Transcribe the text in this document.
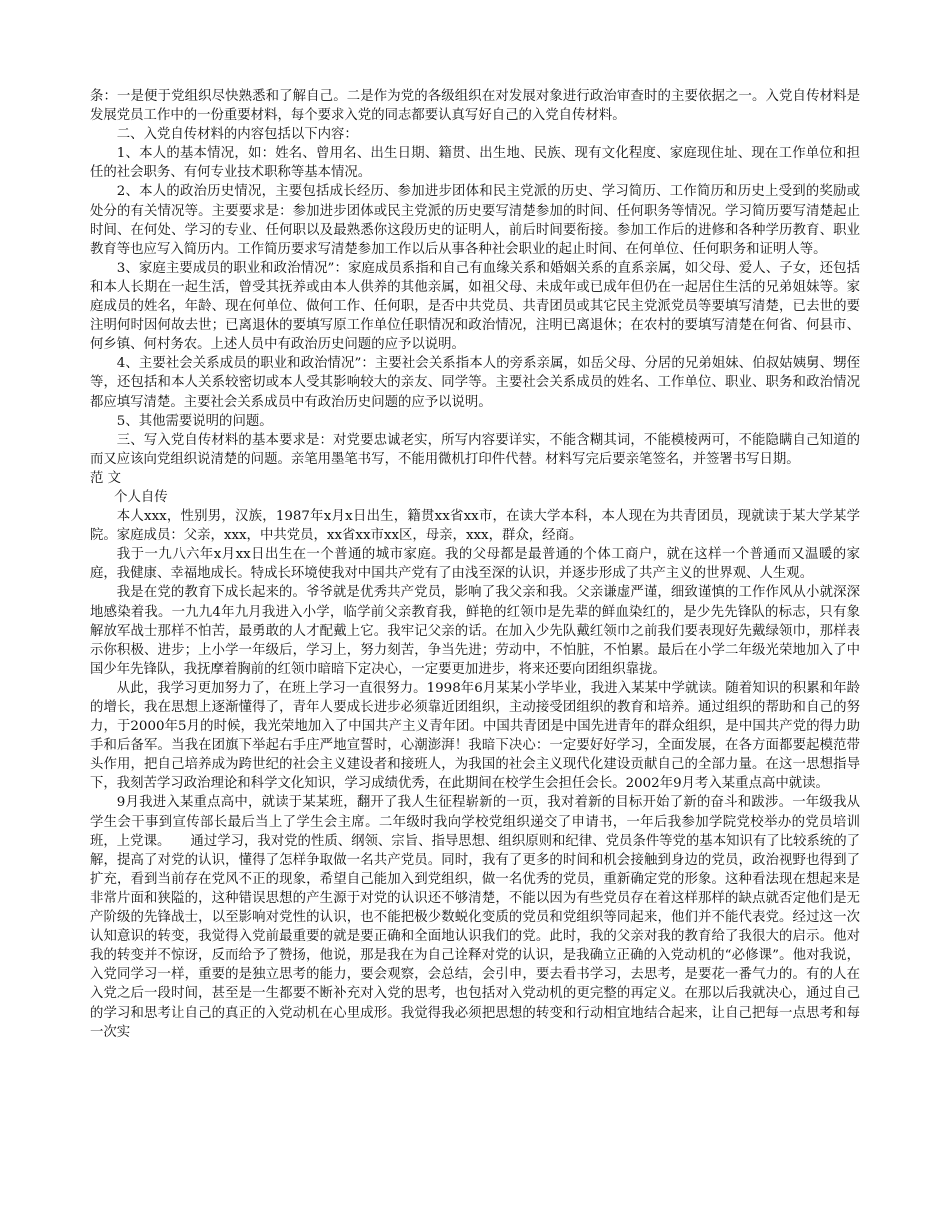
条：一是便于党组织尽快熟悉和了解自己。二是作为党的各级组织在对发展对象进行政治审查时的主要依据之一。入党自传材料是发展党员工作中的一份重要材料，每个要求入党的同志都要认真写好自己的入党自传材料。

二、入党自传材料的内容包括以下内容：

1、本人的基本情况，如：姓名、曾用名、出生日期、籍贯、出生地、民族、现有文化程度、家庭现住址、现在工作单位和担任的社会职务、有何专业技术职称等基本情况。

2、本人的政治历史情况，主要包括成长经历、参加进步团体和民主党派的历史、学习简历、工作简历和历史上受到的奖励或处分的有关情况等。主要要求是：参加进步团体或民主党派的历史要写清楚参加的时间、任何职务等情况。学习简历要写清楚起止时间、在何处、学习的专业、任何职以及最熟悉你这段历史的证明人，前后时间要衔接。参加工作后的进修和各种学历教育、职业教育等也应写入简历内。工作简历要求写清楚参加工作以后从事各种社会职业的起止时间、在何单位、任何职务和证明人等。

3、家庭主要成员的职业和政治情况”：家庭成员系指和自己有血缘关系和婚姻关系的直系亲属，如父母、爱人、子女，还包括和本人长期在一起生活，曾受其抚养或由本人供养的其他亲属，如祖父母、未成年或已成年但仍在一起居住生活的兄弟姐妹等。家庭成员的姓名，年龄、现在何单位、做何工作、任何职，是否中共党员、共青团员或其它民主党派党员等要填写清楚，已去世的要注明何时因何故去世；已离退休的要填写原工作单位任职情况和政治情况，注明已离退休；在农村的要填写清楚在何省、何县市、何乡镇、何村务农。上述人员中有政治历史问题的应予以说明。

4、主要社会关系成员的职业和政治情况”：主要社会关系指本人的旁系亲属，如岳父母、分居的兄弟姐妹、伯叔姑姨舅、甥侄等，还包括和本人关系较密切或本人受其影响较大的亲友、同学等。主要社会关系成员的姓名、工作单位、职业、职务和政治情况都应填写清楚。主要社会关系成员中有政治历史问题的应予以说明。

5、其他需要说明的问题。

三、写入党自传材料的基本要求是：对党要忠诚老实，所写内容要详实，不能含糊其词，不能模棱两可，不能隐瞒自己知道的而又应该向党组织说清楚的问题。亲笔用墨笔书写，不能用微机打印件代替。材料写完后要亲笔签名，并签署书写日期。

范 文

个人自传

本人xxx，性别男，汉族，1987年x月x日出生，籍贯xx省xx市，在读大学本科，本人现在为共青团员，现就读于某大学某学院。家庭成员：父亲，xxx，中共党员，xx省xx市xx区，母亲，xxx，群众，经商。

我于一九八六年x月xx日出生在一个普通的城市家庭。我的父母都是最普通的个体工商户，就在这样一个普通而又温暖的家庭，我健康、幸福地成长。特成长环境使我对中国共产党有了由浅至深的认识，并逐步形成了共产主义的世界观、人生观。

我是在党的教育下成长起来的。爷爷就是优秀共产党员，影响了我父亲和我。父亲谦虚严谨，细致谨慎的工作作风从小就深深地感染着我。一九九4年九月我进入小学，临学前父亲教育我，鲜艳的红领巾是先辈的鲜血染红的，是少先先锋队的标志，只有象解放军战士那样不怕苦，最勇敢的人才配戴上它。我牢记父亲的话。在加入少先队戴红领巾之前我们要表现好先戴绿领巾，那样表示你积极、进步；上小学一年级后，学习上，努力刻苦，争当先进；劳动中，不怕脏，不怕累。最后在小学二年级光荣地加入了中国少年先锋队，我抚摩着胸前的红领巾暗暗下定决心，一定要更加进步，将来还要向团组织靠拢。

从此，我学习更加努力了，在班上学习一直很努力。1998年6月某某小学毕业，我进入某某中学就读。随着知识的积累和年龄的增长，我在思想上逐渐懂得了，青年人要成长进步必须靠近团组织，主动接受团组织的教育和培养。通过组织的帮助和自己的努力，于2000年5月的时候，我光荣地加入了中国共产主义青年团。中国共青团是中国先进青年的群众组织，是中国共产党的得力助手和后备军。当我在团旗下举起右手庄严地宣誓时，心潮澎湃！我暗下决心：一定要好好学习，全面发展，在各方面都要起模范带头作用，把自己培养成为跨世纪的社会主义建设者和接班人，为我国的社会主义现代化建设贡献自己的全部力量。在这一思想指导下，我刻苦学习政治理论和科学文化知识，学习成绩优秀，在此期间在校学生会担任会长。2002年9月考入某重点高中就读。

9月我进入某重点高中，就读于某某班，翻开了我人生征程崭新的一页，我对着新的目标开始了新的奋斗和跋涉。一年级我从学生会干事到宣传部长最后当上了学生会主席。二年级时我向学校党组织递交了申请书，一年后我参加学院党校举办的党员培训班，上党课。　　通过学习，我对党的性质、纲领、宗旨、指导思想、组织原则和纪律、党员条件等党的基本知识有了比较系统的了解，提高了对党的认识，懂得了怎样争取做一名共产党员。同时，我有了更多的时间和机会接触到身边的党员，政治视野也得到了扩充，看到当前存在党风不正的现象，希望自己能加入到党组织，做一名优秀的党员，重新确定党的形象。这种看法现在想起来是非常片面和狭隘的，这种错误思想的产生源于对党的认识还不够清楚，不能以因为有些党员存在着这样那样的缺点就否定他们是无产阶级的先锋战士，以至影响对党性的认识，也不能把极少数蜕化变质的党员和党组织等同起来，他们并不能代表党。经过这一次认知意识的转变，我觉得入党前最重要的就是要正确和全面地认识我们的党。此时，我的父亲对我的教育给了我很大的启示。他对我的转变并不惊讶，反而给予了赞扬，他说，那是我在为自己诠释对党的认识，是我确立正确的入党动机的“必修课”。他对我说，入党同学习一样，重要的是独立思考的能力，要会观察，会总结，会引申，要去看书学习，去思考，是要花一番气力的。有的人在入党之后一段时间，甚至是一生都要不断补充对入党的思考，也包括对入党动机的更完整的再定义。在那以后我就决心，通过自己的学习和思考让自己的真正的入党动机在心里成形。我觉得我必须把思想的转变和行动相宜地结合起来，让自己把每一点思考和每一次实
